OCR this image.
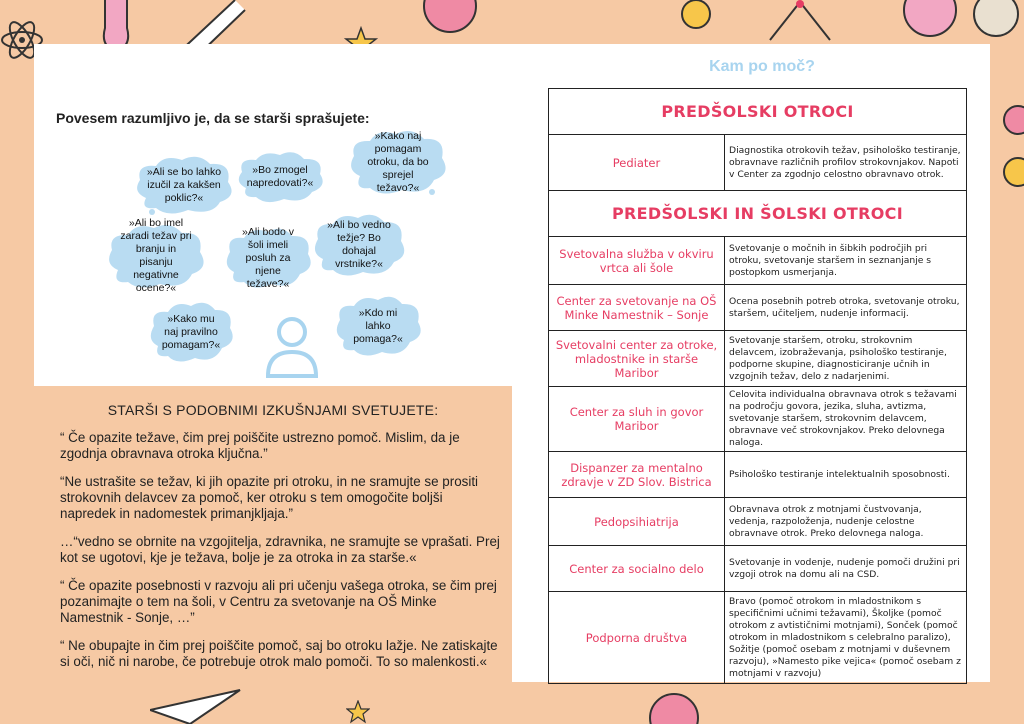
Povesem razumljivo je, da se starši sprašujete:
»Ali se bo lahko izučil za kakšen poklic?«
»Bo zmogel napredovati?«
»Kako naj pomagam otroku, da bo sprejel težavo?«
»Ali bo imel zaradi težav pri branju in pisanju negativne ocene?«
»Ali bodo v šoli imeli posluh za njene težave?«
»Ali bo vedno težje? Bo dohajal vrstnike?«
»Kako mu naj pravilno pomagam?«
»Kdo mi lahko pomaga?«
STARŠI S PODOBNIMI IZKUŠNJAMI SVETUJETE:

“ Če opazite težave, čim prej poiščite ustrezno pomoč. Mislim, da je zgodnja obravnava otroka ključna.”

“Ne ustrašite se težav, ki jih opazite pri otroku, in ne sramujte se prositi strokovnih delavcev za pomoč, ker otroku s tem omogočite boljši napredek in nadomestek primanjkljaja.”

…“vedno se obrnite na vzgojitelja, zdravnika, ne sramujte se vprašati. Prej kot se ugotovi, kje je težava, bolje je za otroka in za starše.«

“ Če opazite posebnosti v razvoju ali pri učenju vašega otroka, se čim prej pozanimajte o tem na šoli, v Centru za svetovanje na OŠ Minke Namestnik - Sonje, …”

“ Ne obupajte in čim prej poiščite pomoč, saj bo otroku lažje. Ne zatiskajte si oči, nič ni narobe, če potrebuje otrok malo pomoči. To so malenkosti.«

Kam po moč?
PREDŠOLSKI OTROCI	
Pediater	Diagnostika otrokovih težav, psihološko testiranje, obravnave različnih profilov strokovnjakov. Napoti v Center za zgodnjo celostno obravnavo otrok.
PREDŠOLSKI IN ŠOLSKI OTROCI	
Svetovalna služba v okviru vrtca ali šole	Svetovanje o močnih in šibkih področjih pri otroku, svetovanje staršem in seznanjanje s postopkom usmerjanja.
Center za svetovanje na OŠ Minke Namestnik – Sonje	Ocena posebnih potreb otroka, svetovanje otroku, staršem, učiteljem, nudenje informacij.
Svetovalni center za otroke, mladostnike in starše Maribor	Svetovanje staršem, otroku, strokovnim delavcem, izobraževanja, psihološko testiranje, podporne skupine, diagnosticiranje učnih in vzgojnih težav, delo z nadarjenimi.
Center za sluh in govor Maribor	Celovita individualna obravnava otrok s težavami na področju govora, jezika, sluha, avtizma, svetovanje staršem, strokovnim delavcem, obravnave več strokovnjakov. Preko delovnega naloga.
Dispanzer za mentalno zdravje v ZD Slov. Bistrica	Psihološko testiranje intelektualnih sposobnosti.
Pedopsihiatrija	Obravnava otrok z motnjami čustvovanja, vedenja, razpoloženja, nudenje celostne obravnave otrok. Preko delovnega naloga.
Center za socialno delo	Svetovanje in vodenje, nudenje pomoči družini pri vzgoji otrok na domu ali na CSD.
Podporna društva	Bravo (pomoč otrokom in mladostnikom s specifičnimi učnimi težavami), Školjke (pomoč otrokom z avtističnimi motnjami), Sonček (pomoč otrokom in mladostnikom s celebralno paralizo), Sožitje (pomoč osebam z motnjami v duševnem razvoju), »Namesto pike vejica« (pomoč osebam z motnjami v razvoju)
